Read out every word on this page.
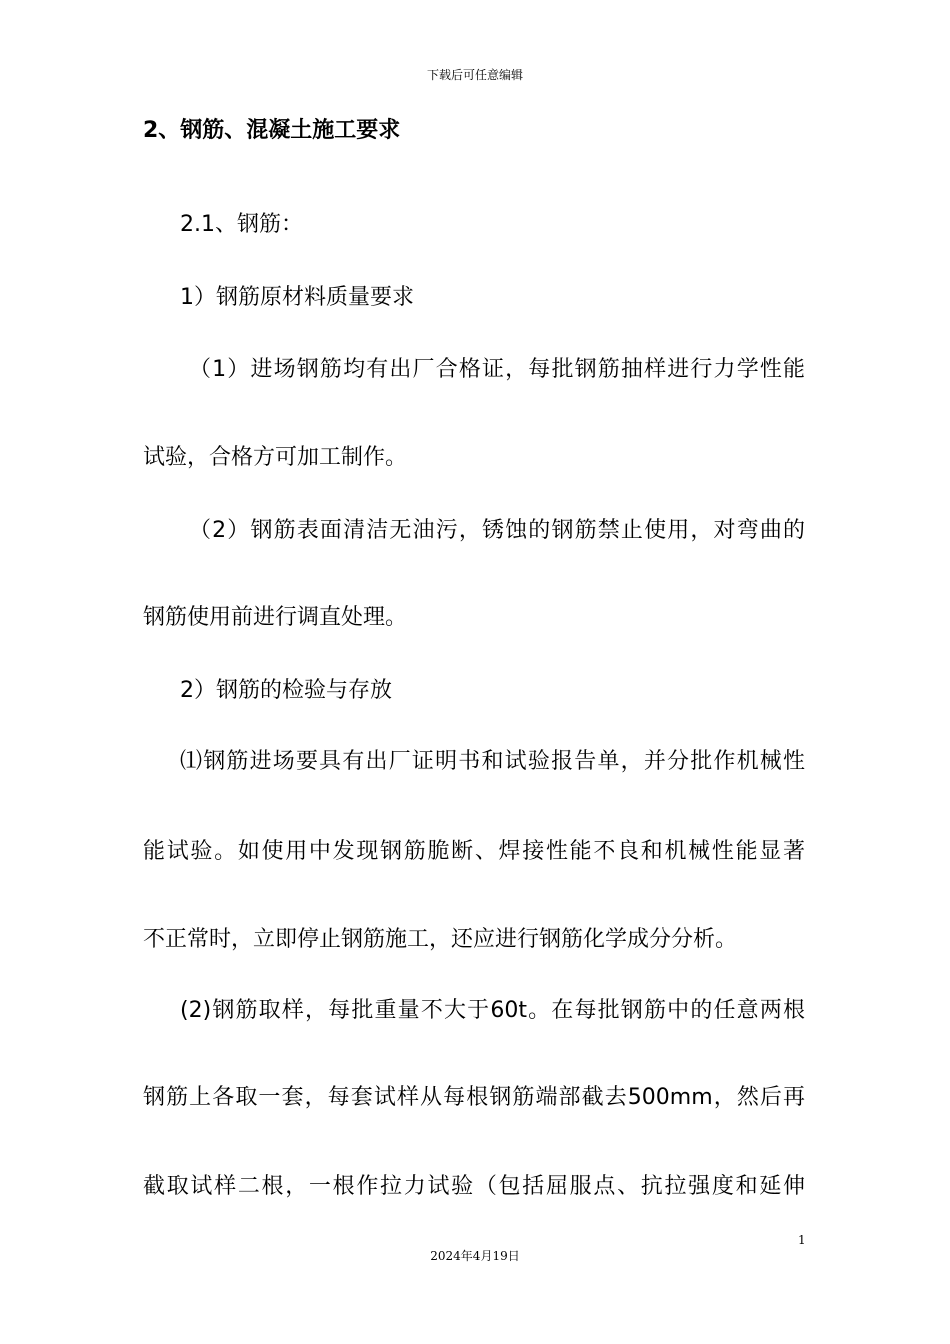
下载后可任意编辑
2、钢筋、混凝土施工要求
2.1、钢筋：
1）钢筋原材料质量要求
（1）进场钢筋均有出厂合格证，每批钢筋抽样进行力学性能
试验，合格方可加工制作。
（2）钢筋表面清洁无油污，锈蚀的钢筋禁止使用，对弯曲的
钢筋使用前进行调直处理。
2）钢筋的检验与存放
⑴钢筋进场要具有出厂证明书和试验报告单，并分批作机械性
能试验。如使用中发现钢筋脆断、焊接性能不良和机械性能显著
不正常时，立即停止钢筋施工，还应进行钢筋化学成分分析。
(2)钢筋取样，每批重量不大于60t。在每批钢筋中的任意两根
钢筋上各取一套，每套试样从每根钢筋端部截去500mm，然后再
截取试样二根，一根作拉力试验（包括屈服点、抗拉强度和延伸
1
2024年4月19日
